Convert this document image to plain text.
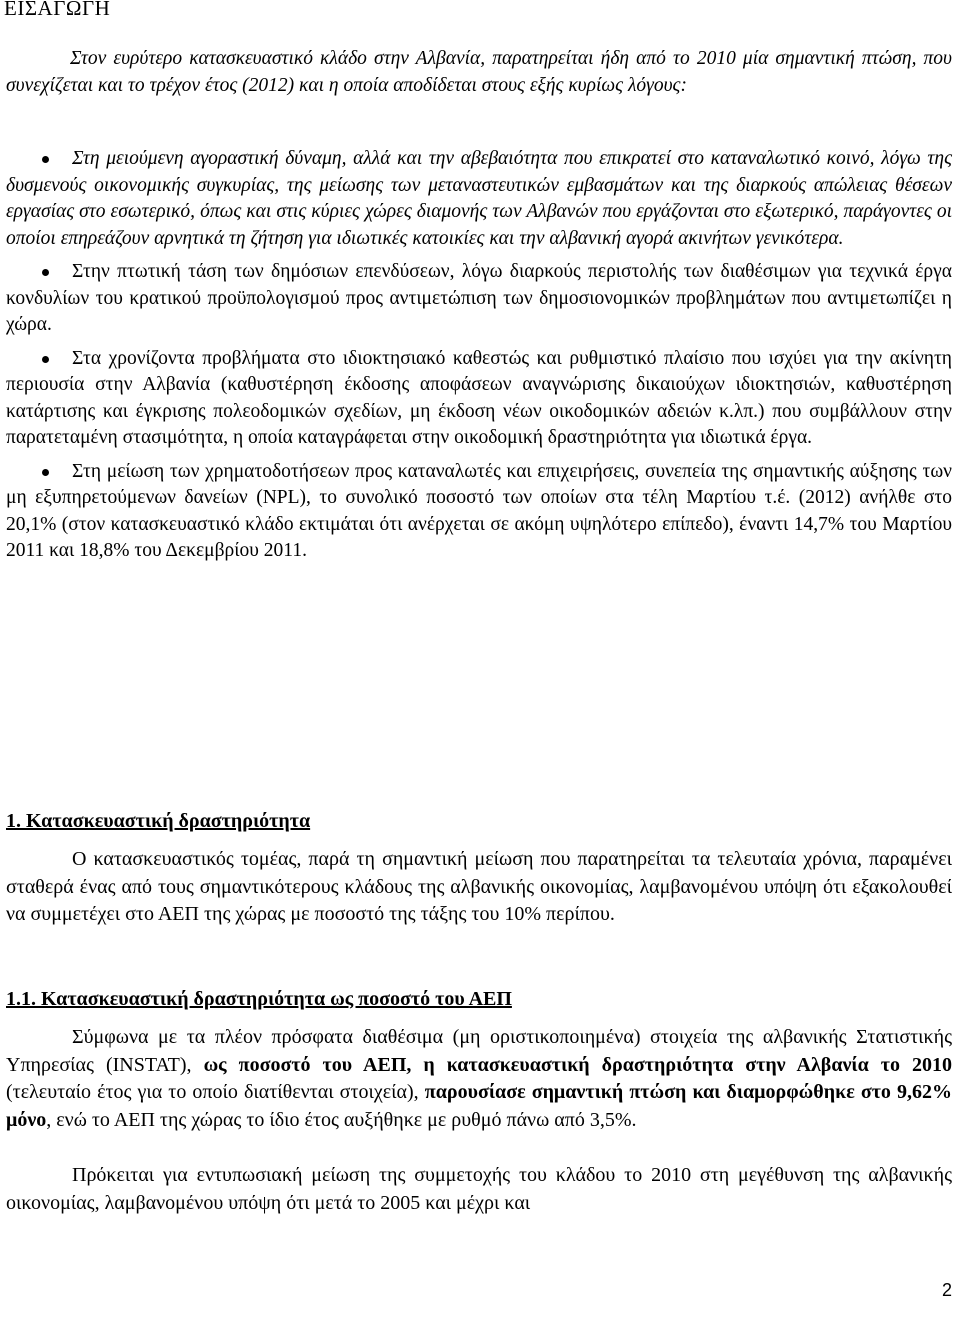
ΕΙΣΑΓΩΓΗ

Στον ευρύτερο κατασκευαστικό κλάδο στην Αλβανία, παρατηρείται ήδη από το 2010 μία σημαντική πτώση, που συνεχίζεται και το τρέχον έτος (2012) και η οποία αποδίδεται στους εξής κυρίως λόγους:

Στη μειούμενη αγοραστική δύναμη, αλλά και την αβεβαιότητα που επικρατεί στο καταναλωτικό κοινό, λόγω της δυσμενούς οικονομικής συγκυρίας, της μείωσης των μεταναστευτικών εμβασμάτων και της διαρκούς απώλειας θέσεων εργασίας στο εσωτερικό, όπως και στις κύριες χώρες διαμονής των Αλβανών που εργάζονται στο εξωτερικό, παράγοντες οι οποίοι επηρεάζουν αρνητικά τη ζήτηση για ιδιωτικές κατοικίες και την αλβανική αγορά ακινήτων γενικότερα.
Στην πτωτική τάση των δημόσιων επενδύσεων, λόγω διαρκούς περιστολής των διαθέσιμων για τεχνικά έργα κονδυλίων του κρατικού προϋπολογισμού προς αντιμετώπιση των δημοσιονομικών προβλημάτων που αντιμετωπίζει η χώρα.
Στα χρονίζοντα προβλήματα στο ιδιοκτησιακό καθεστώς και ρυθμιστικό πλαίσιο που ισχύει για την ακίνητη περιουσία στην Αλβανία (καθυστέρηση έκδοσης αποφάσεων αναγνώρισης δικαιούχων ιδιοκτησιών, καθυστέρηση κατάρτισης και έγκρισης πολεοδομικών σχεδίων, μη έκδοση νέων οικοδομικών αδειών κ.λπ.) που συμβάλλουν στην παρατεταμένη στασιμότητα, η οποία καταγράφεται στην οικοδομική δραστηριότητα για ιδιωτικά έργα.
Στη μείωση των χρηματοδοτήσεων προς καταναλωτές και επιχειρήσεις, συνεπεία της σημαντικής αύξησης των μη εξυπηρετούμενων δανείων (NPL), το συνολικό ποσοστό των οποίων στα τέλη Μαρτίου τ.έ. (2012) ανήλθε στο 20,1% (στον κατασκευαστικό κλάδο εκτιμάται ότι ανέρχεται σε ακόμη υψηλότερο επίπεδο), έναντι 14,7% του Μαρτίου 2011 και 18,8% του Δεκεμβρίου 2011.
1. Κατασκευαστική δραστηριότητα

Ο κατασκευαστικός τομέας, παρά τη σημαντική μείωση που παρατηρείται τα τελευταία χρόνια, παραμένει σταθερά ένας από τους σημαντικότερους κλάδους της αλβανικής οικονομίας, λαμβανομένου υπόψη ότι εξακολουθεί να συμμετέχει στο ΑΕΠ της χώρας με ποσοστό της τάξης του 10% περίπου.

1.1. Κατασκευαστική δραστηριότητα ως ποσοστό του ΑΕΠ

Σύμφωνα με τα πλέον πρόσφατα διαθέσιμα (μη οριστικοποιημένα) στοιχεία της αλβανικής Στατιστικής Υπηρεσίας (INSTAT), ως ποσοστό του ΑΕΠ, η κατασκευαστική δραστηριότητα στην Αλβανία το 2010 (τελευταίο έτος για το οποίο διατίθενται στοιχεία), παρουσίασε σημαντική πτώση και διαμορφώθηκε στο 9,62% μόνο, ενώ το ΑΕΠ της χώρας το ίδιο έτος αυξήθηκε με ρυθμό πάνω από 3,5%.

Πρόκειται για εντυπωσιακή μείωση της συμμετοχής του κλάδου το 2010 στη μεγέθυνση της αλβανικής οικονομίας, λαμβανομένου υπόψη ότι μετά το 2005 και μέχρι και

2
